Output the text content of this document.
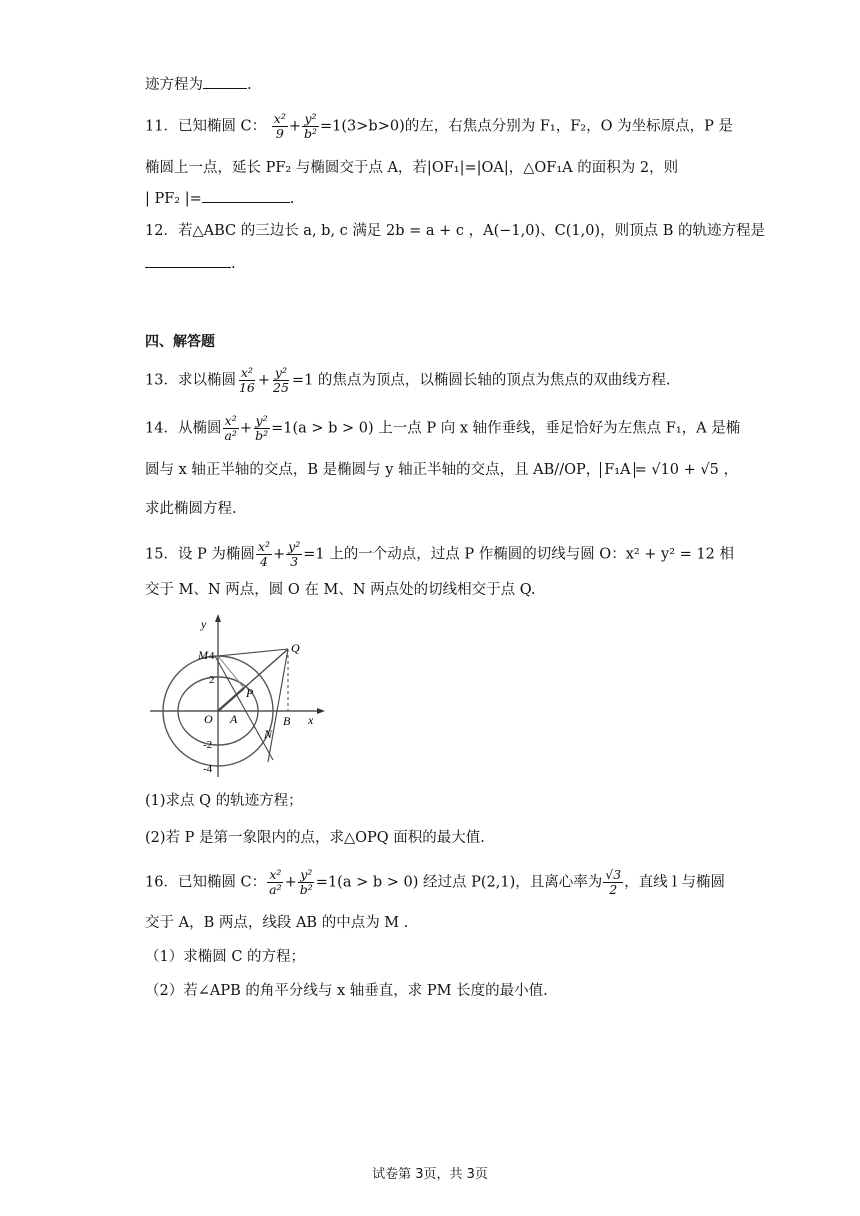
迹方程为	.
11．已知椭圆 C： $\frac{\text{x²}}{9} + \frac{\text{y²}}{\text{b²}} =1(3>b>0)$的左，右焦点分别为 F₁，F₂，O 为坐标原点，P 是
椭圆上一点，延长 PF₂ 与椭圆交于点 A，若|OF₁|=|OA|，△OF₁A 的面积为 2，则
| PF₂ |=	.
12．若△ABC 的三边长 a, b, c 满足 2b = a + c ，A(−1,0)、C(1,0)，则顶点 B 的轨迹方程是
.
四、解答题
13．求以椭圆 $\frac{\text{x²}}{16} + \frac{\text{y²}}{25} =1$ 的焦点为顶点，以椭圆长轴的顶点为焦点的双曲线方程.
14．从椭圆 $\frac{\text{x²}}{\text{a²}} + \frac{\text{y²}}{\text{b²}} =1(a > b > 0)$ 上一点 P 向 x 轴作垂线，垂足恰好为左焦点 F₁，A 是椭
圆与 x 轴正半轴的交点，B 是椭圆与 y 轴正半轴的交点，且 AB//OP， F₁A = √10 + √5 ，
求此椭圆方程.
15．设 P 为椭圆 $\frac{\text{x²}}{4} + \frac{\text{y²}}{3} =1$ 上的一个动点，过点 P 作椭圆的切线与圆 O：x² + y² = 12 相
交于 M、N 两点，圆 O 在 M、N 两点处的切线相交于点 Q.
y
x
M 4
2
-2
-4
O A
P
B
N
Q
(1)求点 Q 的轨迹方程；
(2)若 P 是第一象限内的点，求△OPQ 面积的最大值.
16．已知椭圆 C： $\frac{\text{x²}}{\text{a²}} + \frac{\text{y²}}{\text{b²}} =1(a > b > 0)$ 经过点 P(2,1)，且离心率为 $\frac{√3}{2}$ ，直线 l 与椭圆
交于 A，B 两点，线段 AB 的中点为 M .
（1）求椭圆 C 的方程；
（2）若∠APB 的角平分线与 x 轴垂直，求 PM 长度的最小值.
试卷第 3页，共 3页
